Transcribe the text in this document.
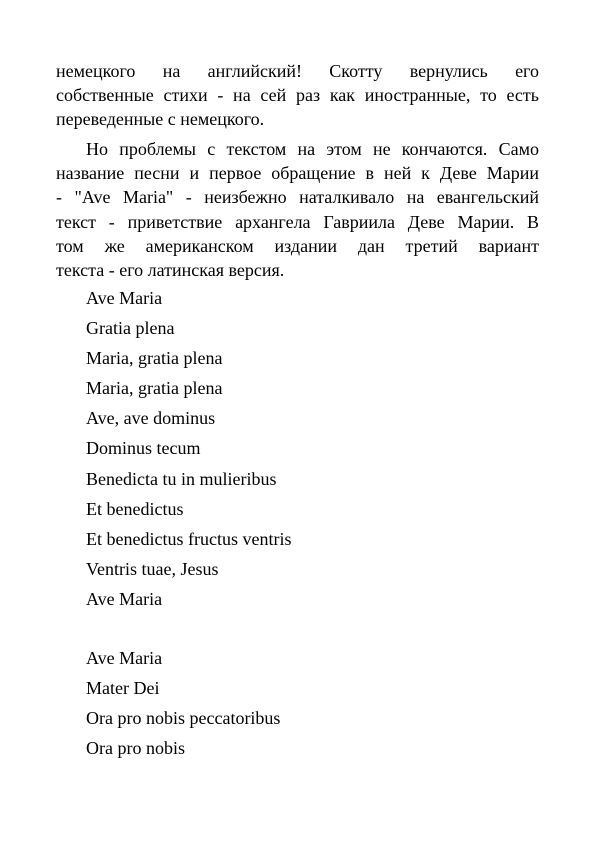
немецкого на английский! Скотту вернулись его
собственные стихи - на сей раз как иностранные, то есть
переведенные с немецкого.
Но проблемы с текстом на этом не кончаются. Само
название песни и первое обращение в ней к Деве Марии
- "Ave Maria" - неизбежно наталкивало на евангельский
текст - приветствие архангела Гавриила Деве Марии. В
том же американском издании дан третий вариант
текста - его латинская версия.
Ave Maria
Gratia plena
Maria, gratia plena
Maria, gratia plena
Ave, ave dominus
Dominus tecum
Benedicta tu in mulieribus
Et benedictus
Et benedictus fructus ventris
Ventris tuae, Jesus
Ave Maria
Ave Maria
Mater Dei
Ora pro nobis peccatoribus
Ora pro nobis
